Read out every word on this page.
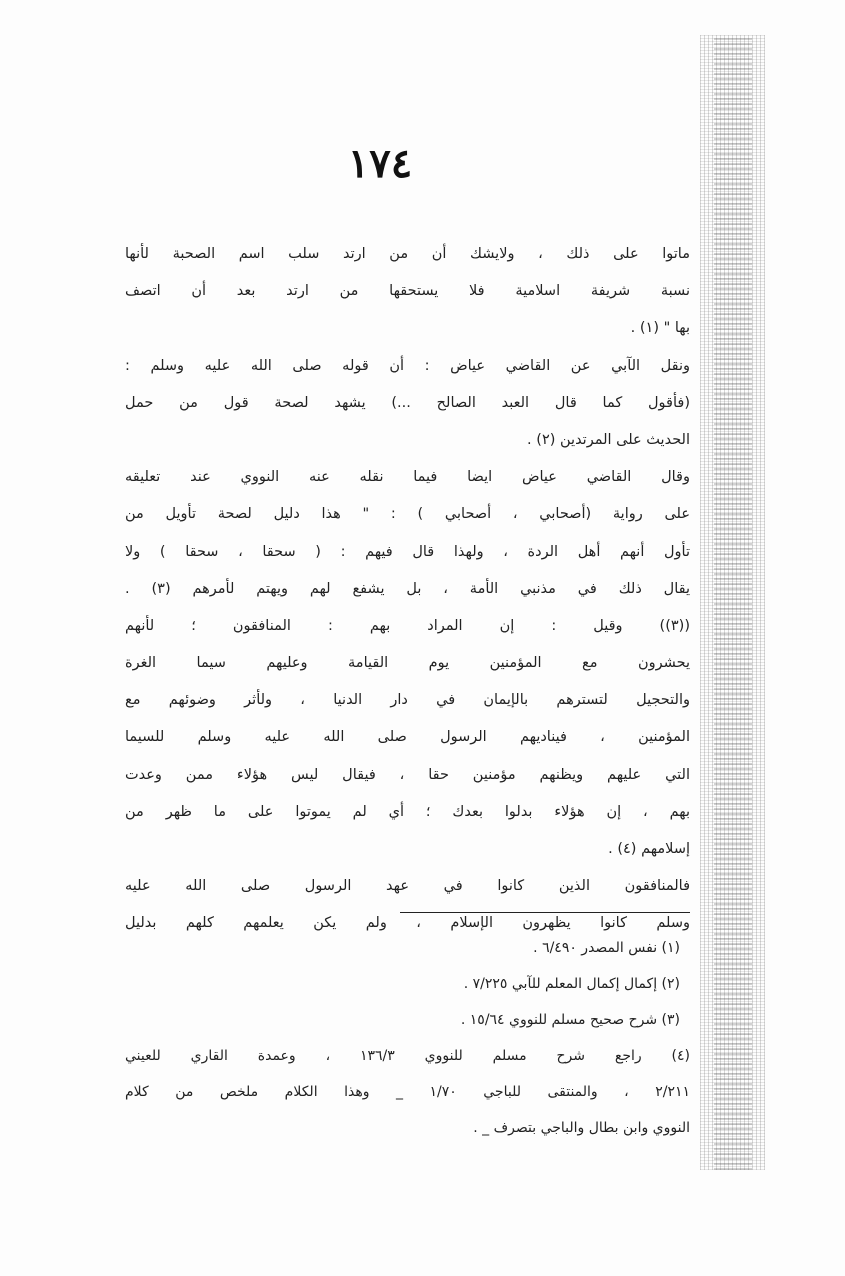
١٧٤
ماتوا على ذلك ، ولايشك أن من ارتد سلب اسم الصحبة لأنها
نسبة شريفة اسلامية فلا يستحقها من ارتد بعد أن اتصف
بها " (١) .
ونقل الآبي عن القاضي عياض : أن قوله صلى الله عليه وسلم :
(فأقول كما قال العبد الصالح ...) يشهد لصحة قول من حمل
الحديث على المرتدين (٢) .
وقال القاضي عياض ايضا فيما نقله عنه النووي عند تعليقه
على رواية (أصحابي ، أصحابي ) : " هذا دليل لصحة تأويل من
تأول أنهم أهل الردة ، ولهذا قال فيهم : ( سحقا ، سحقا ) ولا
يقال ذلك في مذنبي الأمة ، بل يشفع لهم ويهتم لأمرهم (٣) .
((٣)) وقيل : إن المراد بهم : المنافقون ؛ لأنهم
يحشرون مع المؤمنين يوم القيامة وعليهم سيما الغرة
والتحجيل لتسترهم بالإيمان في دار الدنيا ، ولأثر وضوئهم مع
المؤمنين ، فيناديهم الرسول صلى الله عليه وسلم للسيما
التي عليهم ويظنهم مؤمنين حقا ، فيقال ليس هؤلاء ممن وعدت
بهم ، إن هؤلاء بدلوا بعدك ؛ أي لم يموتوا على ما ظهر من
إسلامهم (٤) .
فالمنافقون الذين كانوا في عهد الرسول صلى الله عليه
وسلم كانوا يظهرون الإسلام ، ولم يكن يعلمهم كلهم بدليل
(١) نفس المصدر ٦/٤٩٠ .
(٢) إكمال إكمال المعلم للآبي ٧/٢٢٥ .
(٣) شرح صحيح مسلم للنووي ١٥/٦٤ .
(٤) راجع شرح مسلم للنووي ١٣٦/٣ ، وعمدة القاري للعيني
٢/٢١١ ، والمنتقى للباجي ١/٧٠ _ وهذا الكلام ملخص من كلام
النووي وابن بطال والباجي بتصرف _ .
